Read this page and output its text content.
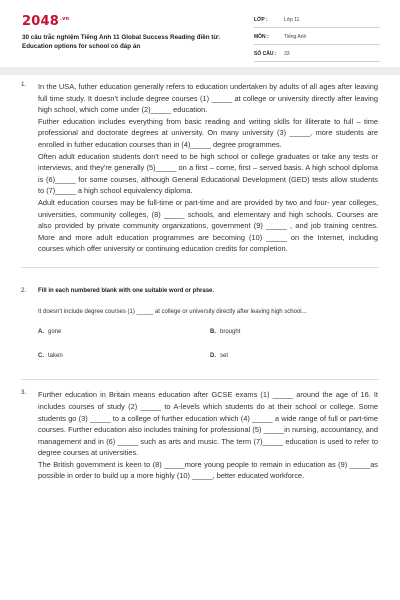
$2048^{.vn}$
30 câu trắc nghiệm Tiếng Anh 11 Global Success Reading điền từ: Education options for school có đáp án
LỚP :	Lớp 11
MÔN :	Tiếng Anh
SỐ CÂU : 33
1. In the USA, futher education generally refers to education undertaken by adults of all ages after leaving full time study. It doesn't include degree courses (1) _____ at college or university directly after leaving high school, which come under (2)_____ education.

Futher education includes everything from basic reading and writing skills for illiterate to full – time professional and doctorate degrees at university. On many university (3) _____, more students are enrolled in futher education courses than in (4)_____ degree programmes.

Often adult education students don't need to be high school or college graduates or take any tests or interviews, and they're generally (5)_____ on a first – come, first – served basis. A high school diploma is (6)_____ for some courses, although General Educational Development (GED) tests allow students to (7)_____ a high school equivalency diploma.

Adult education courses may be full-time or part-time and are provided by two and four- year colleges, universities, community colleges, (8) _____ schools, and elementary and high schools. Courses are also provided by private community organizations, government (9) _____ , and job training centres. More and more adult education programmes are becoming (10) _____ on the Internet, including courses which offer university or continuing education credits for completion.

2. Fill in each numbered blank with one suitable word or phrase.
It doesn't include degree courses (1) _____ at college or university directly after leaving high school...
A. gone	B. brought
C. taken	D. set
3. Further education in Britain means education after GCSE exams (1) _____ around the age of 16. It includes courses of study (2) _____ to A-levels which students do at their school or college. Some students go (3) _____ to a college of further education which (4) _____ a wide range of full or part-time courses. Further education also includes training for professional (5) _____in nursing, accountancy, and management and in (6) _____ such as arts and music. The term (7)_____ education is used to refer to degree courses at universities.

The British government is keen to (8) _____more young people to remain in education as (9) _____as possible in order to build up a more highly (10) _____, better educated workforce.
